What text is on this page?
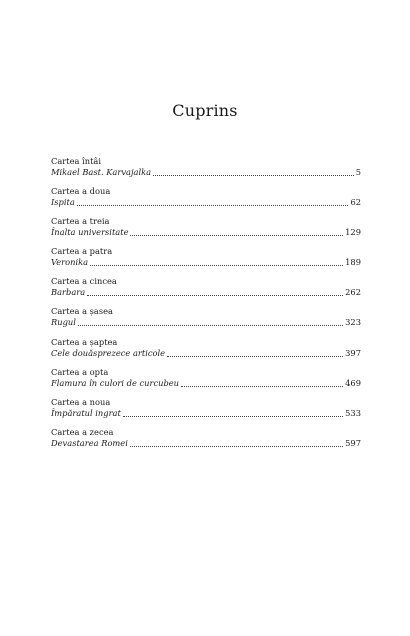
Cuprins
Cartea întâi
Mikael Bast. Karvajalka	5
Cartea a doua
Ispita	62
Cartea a treia
Înalta universitate	129
Cartea a patra
Veronika	189
Cartea a cincea
Barbara	262
Cartea a șasea
Rugul	323
Cartea a șaptea
Cele douăsprezece articole	397
Cartea a opta
Flamura în culori de curcubeu	469
Cartea a noua
Împăratul ingrat	533
Cartea a zecea
Devastarea Romei	597
